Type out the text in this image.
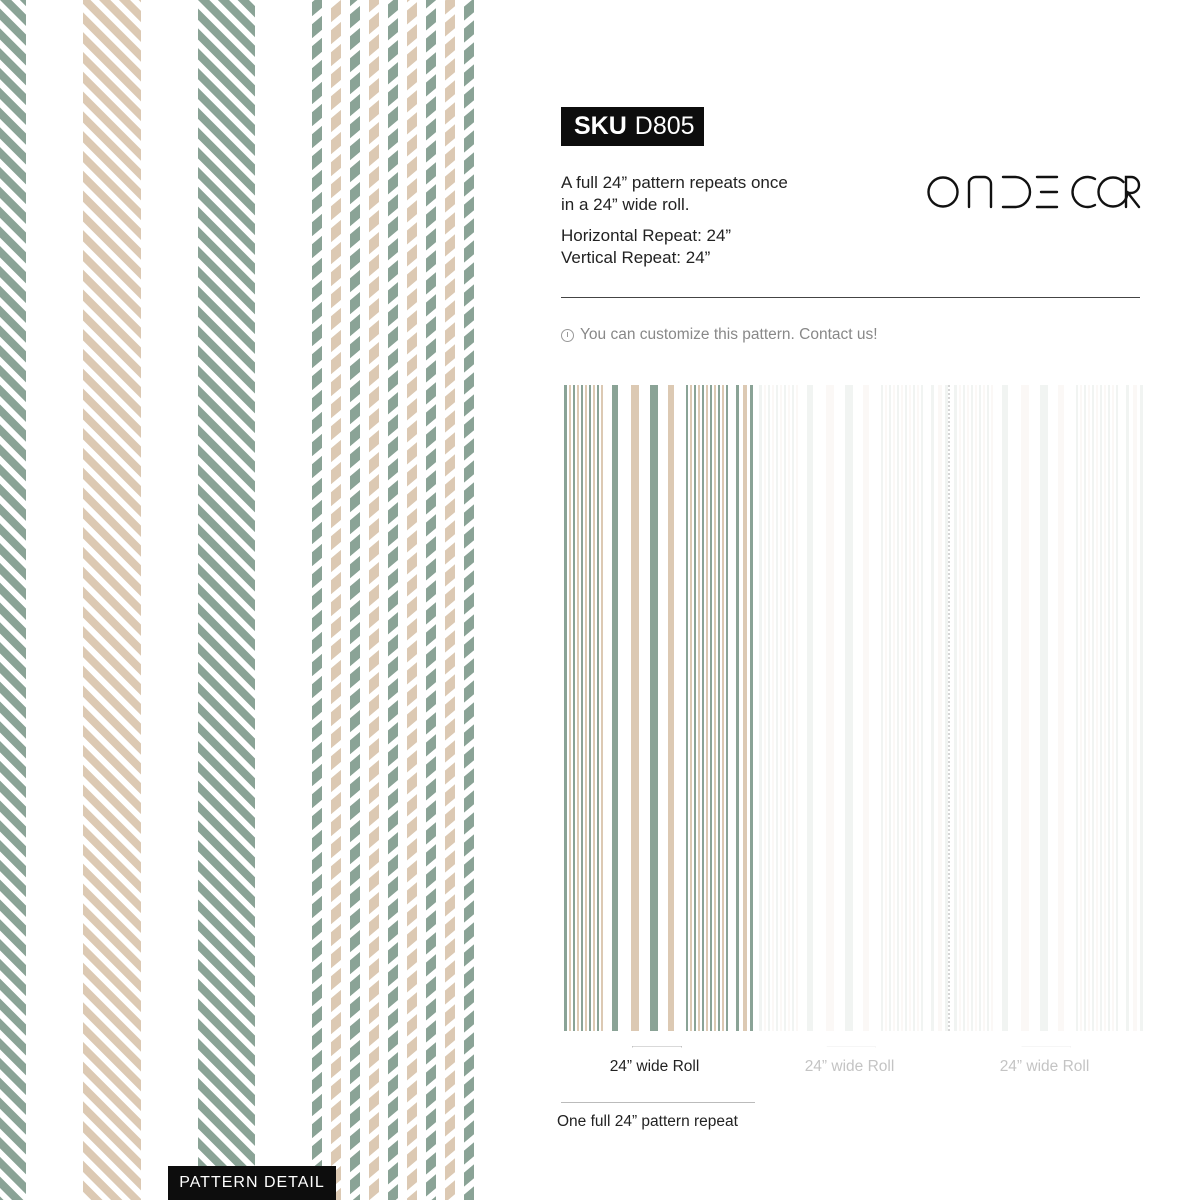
PATTERN DETAIL
SKU D805

A full 24” pattern repeats once

in a 24” wide roll.

Horizontal Repeat: 24”

Vertical Repeat: 24”

You can customize this pattern. Contact us!
24” wide Roll	24” wide Roll	24” wide Roll
One full 24” pattern repeat
